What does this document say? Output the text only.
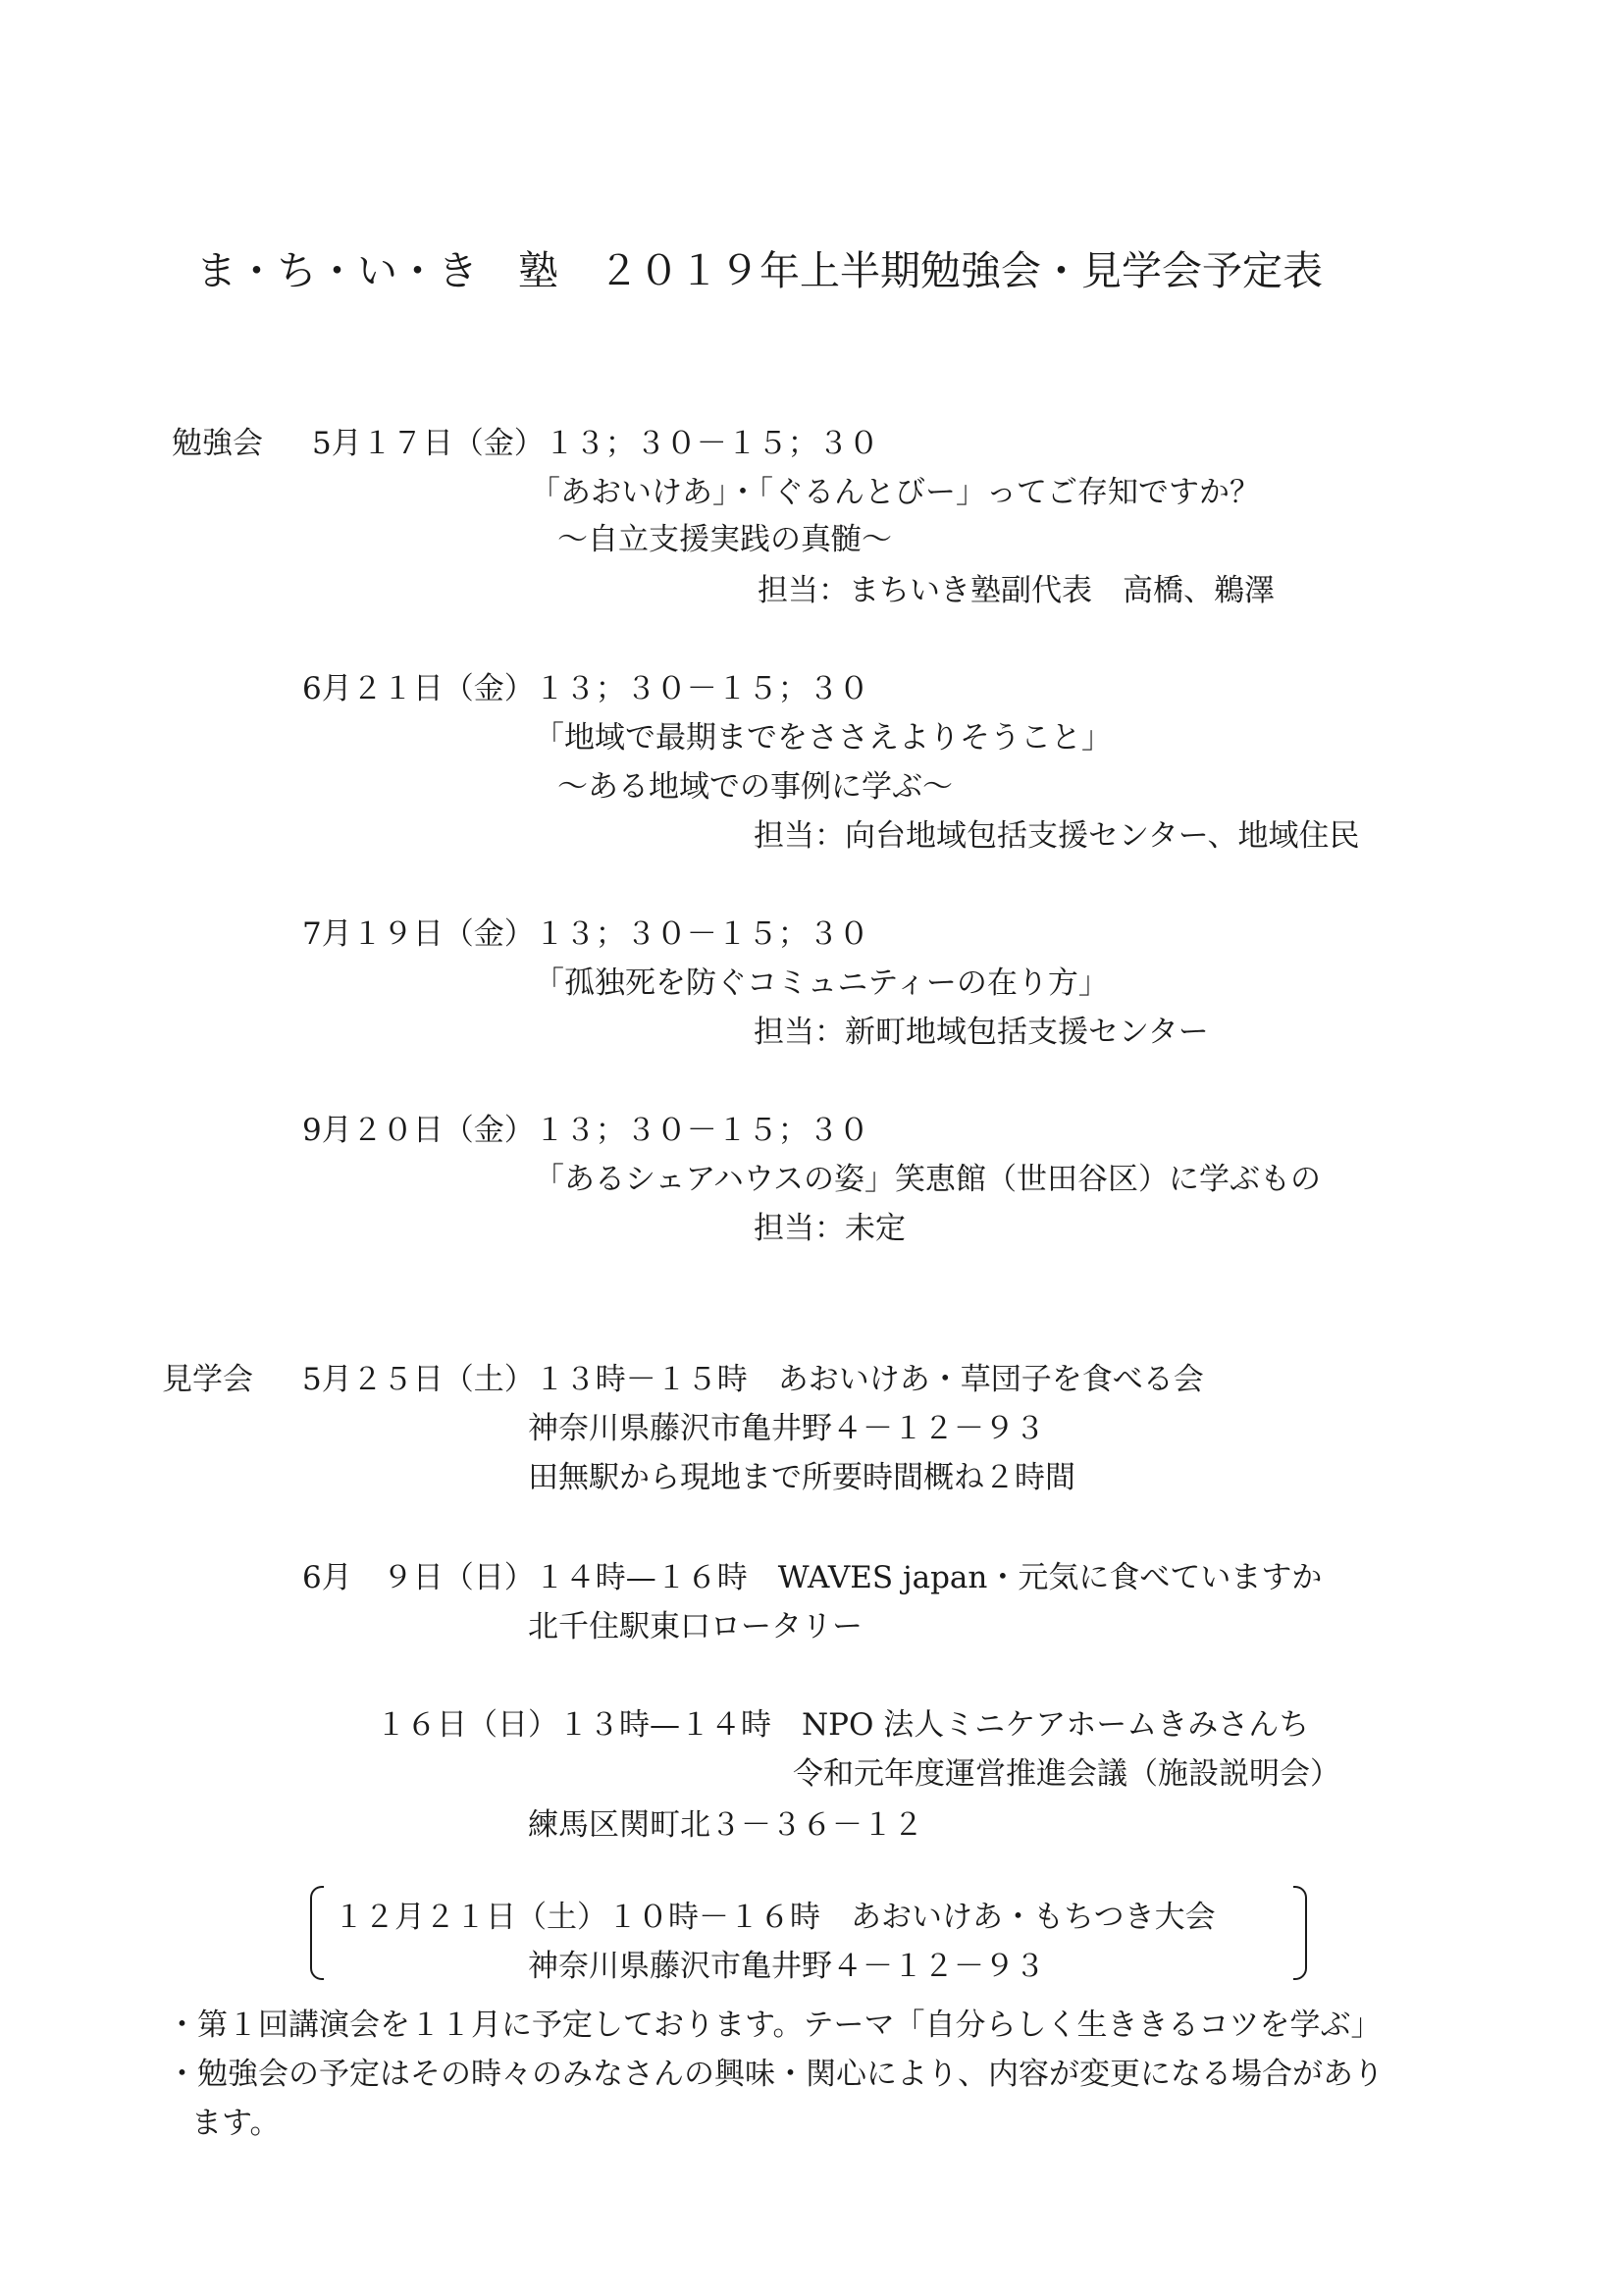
ま・ち・い・き　塾　２０１９年上半期勉強会・見学会予定表
勉強会 5月１７日（金）１３；３０－１５；３０
「あおいけあ」・「ぐるんとびー」ってご存知ですか？
～自立支援実践の真髄～
担当：まちいき塾副代表　高橋、鵜澤
6月２１日（金）１３；３０－１５；３０
「地域で最期までをささえよりそうこと」
～ある地域での事例に学ぶ～
担当：向台地域包括支援センター、地域住民
7月１９日（金）１３；３０－１５；３０
「孤独死を防ぐコミュニティーの在り方」
担当：新町地域包括支援センター
9月２０日（金）１３；３０－１５；３０
「あるシェアハウスの姿」笑恵館（世田谷区）に学ぶもの
担当：未定
見学会 5月２５日（土）１３時－１５時　あおいけあ・草団子を食べる会
神奈川県藤沢市亀井野４－１２－９３
田無駅から現地まで所要時間概ね２時間
6月　９日（日）１４時—１６時　WAVES japan・元気に食べていますか
北千住駅東口ロータリー
１６日（日）１３時—１４時　NPO 法人ミニケアホームきみさんち
令和元年度運営推進会議（施設説明会）
練馬区関町北３－３６－１２
１２月２１日（土）１０時－１６時　あおいけあ・もちつき大会
神奈川県藤沢市亀井野４－１２－９３
・第１回講演会を１１月に予定しております。テーマ「自分らしく生ききるコツを学ぶ」
・勉強会の予定はその時々のみなさんの興味・関心により、内容が変更になる場合があり
ます。
